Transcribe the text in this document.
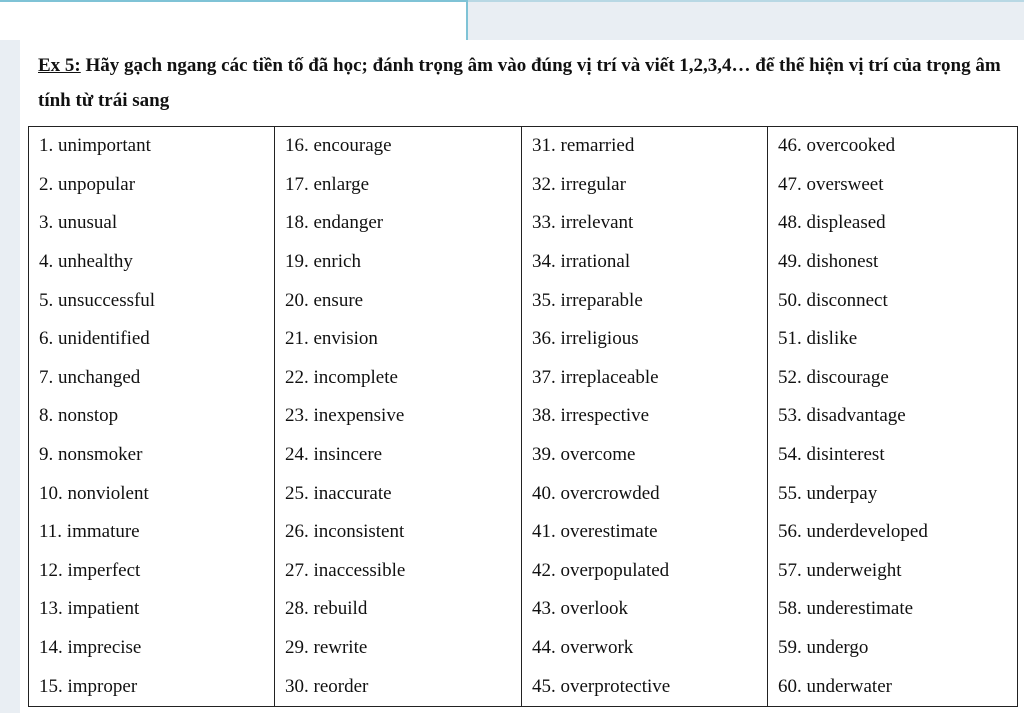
Ex 5: Hãy gạch ngang các tiền tố đã học; đánh trọng âm vào đúng vị trí và viết 1,2,3,4… để thể hiện vị trí của trọng âm tính từ trái sang
1. unimportant	16. encourage	31. remarried	46. overcooked
2. unpopular	17. enlarge	32. irregular	47. oversweet
3. unusual	18. endanger	33. irrelevant	48. displeased
4. unhealthy	19. enrich	34. irrational	49. dishonest
5. unsuccessful	20. ensure	35. irreparable	50. disconnect
6. unidentified	21. envision	36. irreligious	51. dislike
7. unchanged	22. incomplete	37. irreplaceable	52. discourage
8. nonstop	23. inexpensive	38. irrespective	53. disadvantage
9. nonsmoker	24. insincere	39. overcome	54. disinterest
10. nonviolent	25. inaccurate	40. overcrowded	55. underpay
11. immature	26. inconsistent	41. overestimate	56. underdeveloped
12. imperfect	27. inaccessible	42. overpopulated	57. underweight
13. impatient	28. rebuild	43. overlook	58. underestimate
14. imprecise	29. rewrite	44. overwork	59. undergo
15. improper	30. reorder	45. overprotective	60. underwater
